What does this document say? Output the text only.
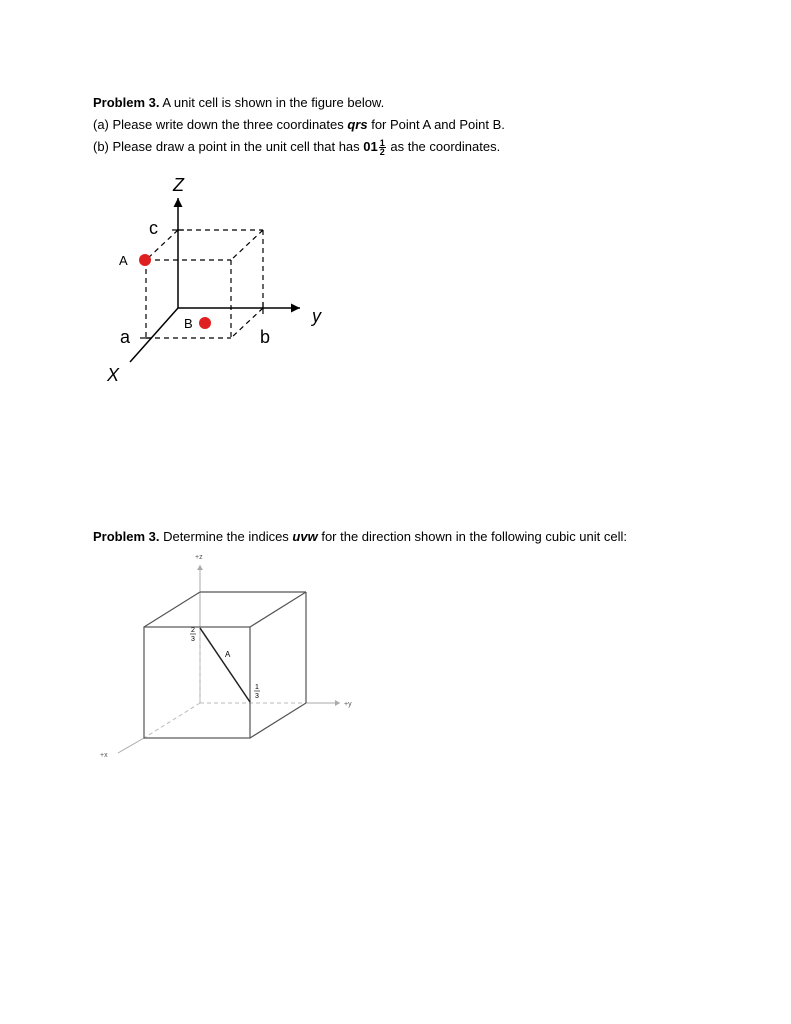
Problem 3. A unit cell is shown in the figure below.
(a) Please write down the three coordinates qrs for Point A and Point B.
(b) Please draw a point in the unit cell that has $01 \frac{1}{2}$ as the coordinates.
Z
y
X
c
a	b
A
B
Problem 3. Determine the indices uvw for the direction shown in the following cubic unit cell:
+z
+y
+x
A
2
3
1
3
